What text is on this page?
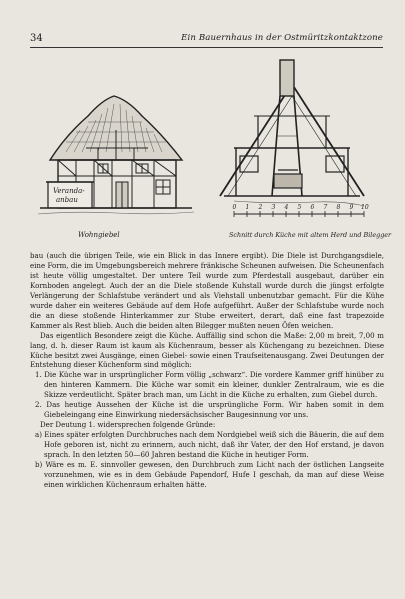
34	Ein Bauernhaus in der Ostmüritzkontaktzone
Veranda-
anbau
Wohngiebel
0 1 2 3 4 5 6 7 8 9 10
Schnitt durch Küche mit altem Herd und Bilegger

bau (auch die übrigen Teile, wie ein Blick in das Innere ergibt). Die Diele ist Durchgangsdiele, eine Form, die im Umgebungsbereich mehrere fränkische Scheunen aufweisen. Die Scheunenfach ist heute völlig umgestaltet. Der untere Teil wurde zum Pferdestall ausgebaut, darüber ein Kornboden angelegt. Auch der an die Diele stoßende Kuhstall wurde durch die jüngst erfolgte Verlängerung der Schlafstube verändert und als Viehstall unbenutzbar gemacht. Für die Kühe wurde daher ein weiteres Gebäude auf dem Hofe aufgeführt. Außer der Schlafstube wurde noch die an diese stoßende Hinterkammer zur Stube erweitert, derart, daß eine fast trapezoide Kammer als Rest blieb. Auch die beiden alten Bilegger mußten neuen Öfen weichen.

Das eigentlich Besondere zeigt die Küche. Auffällig sind schon die Maße: 2,00 m breit, 7,00 m lang, d. h. dieser Raum ist kaum als Küchenraum, besser als Küchengang zu bezeichnen. Diese Küche besitzt zwei Ausgänge, einen Giebel- sowie einen Traufseitenausgang. Zwei Deutungen der Entstehung dieser Küchenform sind möglich:

1. Die Küche war in ursprünglicher Form völlig „schwarz“. Die vordere Kammer griff hinüber zu den hinteren Kammern. Die Küche war somit ein kleiner, dunkler Zentralraum, wie es die Skizze verdeutlicht. Später brach man, um Licht in die Küche zu erhalten, zum Giebel durch.

2. Das heutige Aussehen der Küche ist die ursprüngliche Form. Wir haben somit in dem Giebeleingang eine Einwirkung niedersächsischer Baugesinnung vor uns.

Der Deutung 1. widersprechen folgende Gründe:

a) Eines später erfolgten Durchbruches nach dem Nordgiebel weiß sich die Bäuerin, die auf dem Hofe geboren ist, nicht zu erinnern, auch nicht, daß ihr Vater, der den Hof erstand, je davon sprach. In den letzten 50—60 Jahren bestand die Küche in heutiger Form.

b) Wäre es m. E. sinnvoller gewesen, den Durchbruch zum Licht nach der östlichen Langseite vorzunehmen, wie es in dem Gebäude Papendorf, Hufe I geschah, da man auf diese Weise einen wirklichen Küchenraum erhalten hätte.
